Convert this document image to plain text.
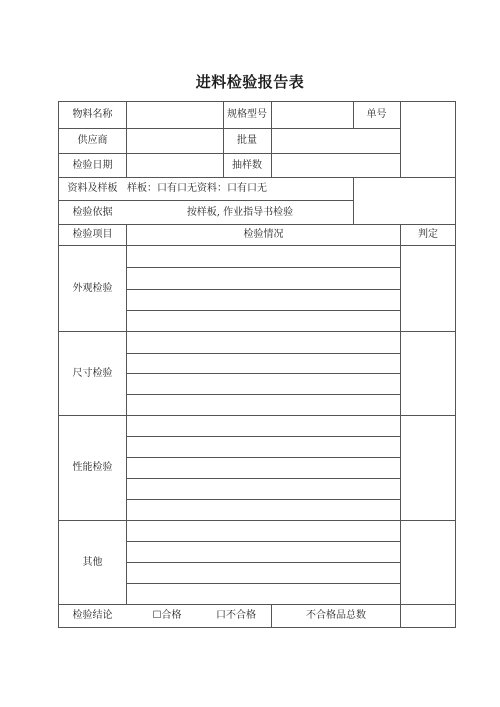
进料检验报告表
物料名称	规格型号	单号
供应商	批量
检验日期	抽样数
资料及样板 样板：口有口无资料：口有口无
检验依据	按样板, 作业指导书检验
检验项目	检验情况	判定
外观检验
尺寸检验
性能检验
其他
检验结论	☐合格	口不合格	不合格品总数
